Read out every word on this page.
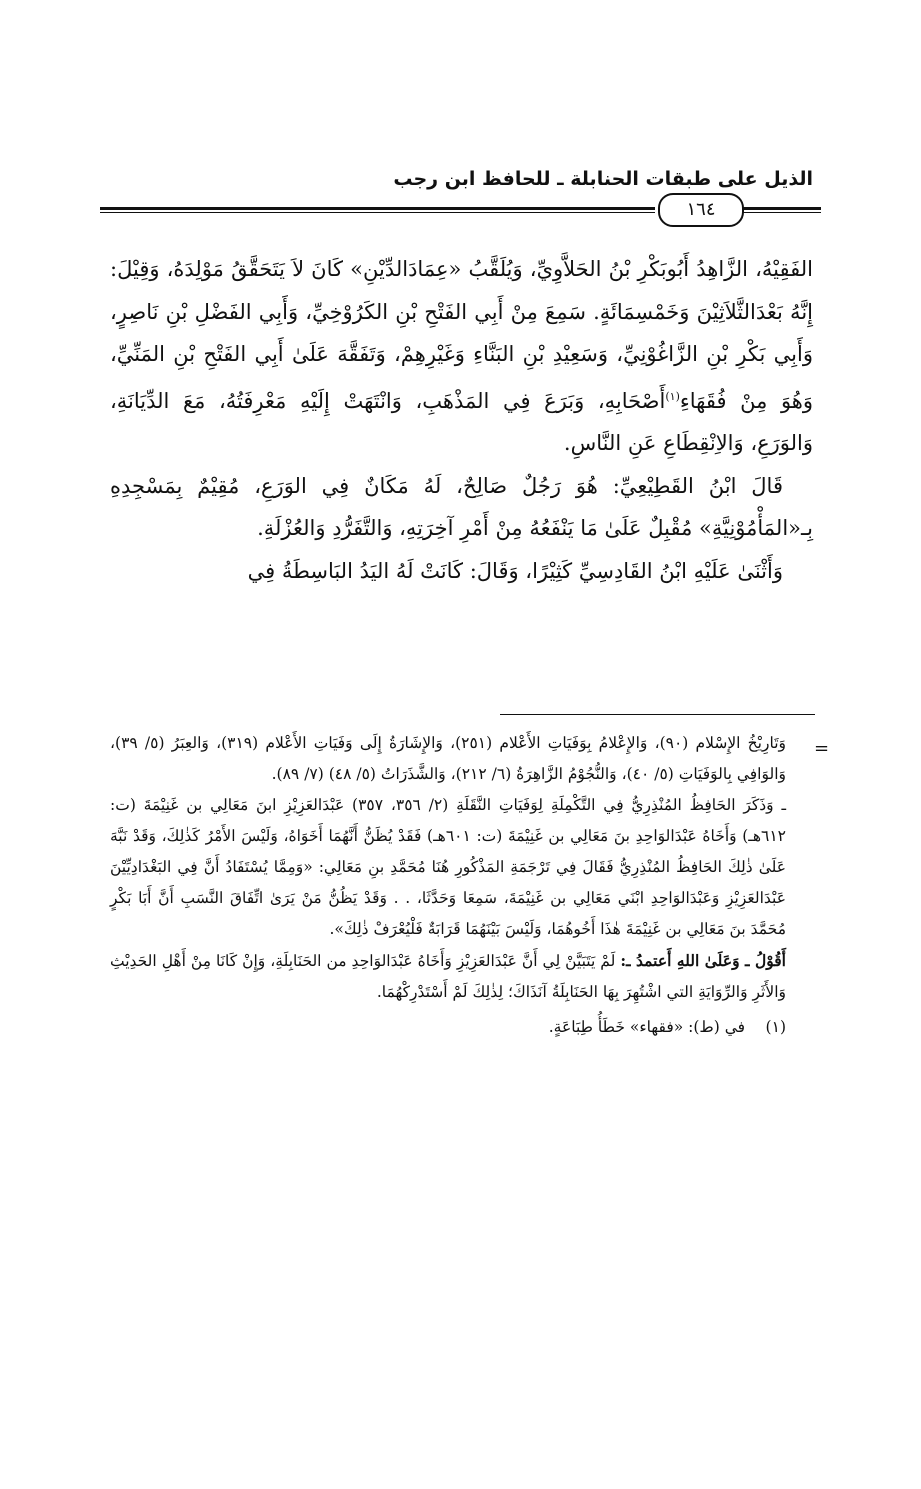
الذيل على طبقات الحنابلة ـ للحافظ ابن رجب
١٦٤

الفَقِيْهُ، الزَّاهِدُ أَبُوبَكْرِ بْنُ الحَلاَّوِيِّ، وَيُلَقَّبُ «عِمَادَالدِّيْنِ» كَانَ لاَ يَتَحَقَّقُ مَوْلِدَهُ، وَقِيْلَ: إِنَّهُ بَعْدَالثَّلاَثِيْنَ وَخَمْسِمَائَةٍ. سَمِعَ مِنْ أَبِي الفَتْحِ بْنِ الكَرُوْخِيِّ، وَأَبِي الفَضْلِ بْنِ نَاصِرٍ، وَأَبِي بَكْرِ بْنِ الزَّاغُوْنِيِّ، وَسَعِيْدِ بْنِ البَنَّاءِ وَغَيْرِهِمْ، وَتَفَقَّهَ عَلَىٰ أَبِي الفَتْحِ بْنِ المَنِّيِّ، وَهُوَ مِنْ فُقَهَاءِ$^{(١)}$أَصْحَابِهِ، وَبَرَعَ فِي المَذْهَبِ، وَانْتَهَتْ إِلَيْهِ مَعْرِفَتُهُ، مَعَ الدِّيَانَةِ، وَالوَرَعِ، وَالاِنْقِطَاعِ عَنِ النَّاسِ.

قَالَ ابْنُ القَطِيْعِيِّ: هُوَ رَجُلٌ صَالِحٌ، لَهُ مَكَانٌ فِي الوَرَعِ، مُقِيْمٌ بِمَسْجِدِهِ بِـ«المَأْمُوْنِيَّةِ» مُقْبِلٌ عَلَىٰ مَا يَنْفَعُهُ مِنْ أَمْرِ آخِرَتِهِ، وَالتَّفَرُّدِ وَالعُزْلَةِ.

وَأَثْنَىٰ عَلَيْهِ ابْنُ القَادِسِيِّ كَثِيْرًا، وَقَالَ: كَانَتْ لَهُ اليَدُ البَاسِطَةُ فِي

=

وَتَارِيْخُ الإِسْلام (٩٠)، وَالإِعْلامُ بِوَفَيَاتِ الأَعْلام (٢٥١)، وَالإِشَارَةُ إِلَى وَفَيَاتِ الأَعْلام (٣١٩)، وَالعِبَرُ (٥/ ٣٩)، وَالوَافِي بِالوَفَيَاتِ (٥/ ٤٠)، وَالنُّجُوْمُ الزَّاهِرَةُ (٦/ ٢١٢)، وَالشَّذَرَاتُ (٥/ ٤٨) (٧/ ٨٩).

ـ وَذَكَرَ الحَافِظُ المُنْذِرِيُّ فِي التَّكْمِلَةِ لِوَفَيَاتِ النَّقَلَةِ (٢/ ٣٥٦، ٣٥٧) عَبْدَالعَزِيْزِ ابنَ مَعَالِي بن غَنِيْمَةَ (ت: ٦١٢هـ) وَأَخَاهُ عَبْدَالوَاحِدِ بنَ مَعَالِي بن غَنِيْمَةَ (ت: ٦٠١هـ) فَقَدْ يُظَنُّ أَنَّهُمَا أَخَوَاهُ، وَلَيْسَ الأَمْرُ كَذٰلِكَ، وَقَدْ نَبَّهَ عَلَىٰ ذٰلِكَ الحَافِظُ المُنْذِرِيُّ فَقَالَ فِي تَرْجَمَةِ المَذْكُورِ هُنَا مُحَمَّدِ بنِ مَعَالِي: «وَمِمَّا يُسْتَفَادُ أَنَّ فِي البَغْدَادِيِّيْنَ عَبْدَالعَزِيْزِ وَعَبْدَالوَاحِدِ ابْنَي مَعَالِي بن غَنِيْمَةَ، سَمِعَا وَحَدَّثَا، . . وَقَدْ يَظُنُّ مَنْ يَرَىٰ اتِّفَاقَ النَّسَبِ أَنَّ أَبَا بَكْرٍ مُحَمَّدَ بنَ مَعَالِي بن غَنِيْمَةَ هٰذَا أَخُوهُمَا، وَلَيْسَ بَيْنَهُمَا قَرَابَةٌ فَلْيُعْرَفْ ذٰلِكَ».

أَقُوْلُ ـ وَعَلَىٰ اللهِ أَعتمدُ ـ: لَمْ يَتَبَيَّنْ لِي أَنَّ عَبْدَالعَزِيْزِ وَأَخَاهُ عَبْدَالوَاحِدِ من الحَنَابِلَةِ، وَإِنْ كَانَا مِنْ أَهْلِ الحَدِيْثِ وَالأَثَرِ وَالرِّوَايَةِ التي اشْتُهِرَ بِهَا الحَنَابِلَةُ آنَذَاكَ؛ لِذٰلِكَ لَمْ أَسْتَدْرِكْهُمَا.

(١) في (ط): «فقهاء» خَطَأُ طِبَاعَةٍ.
